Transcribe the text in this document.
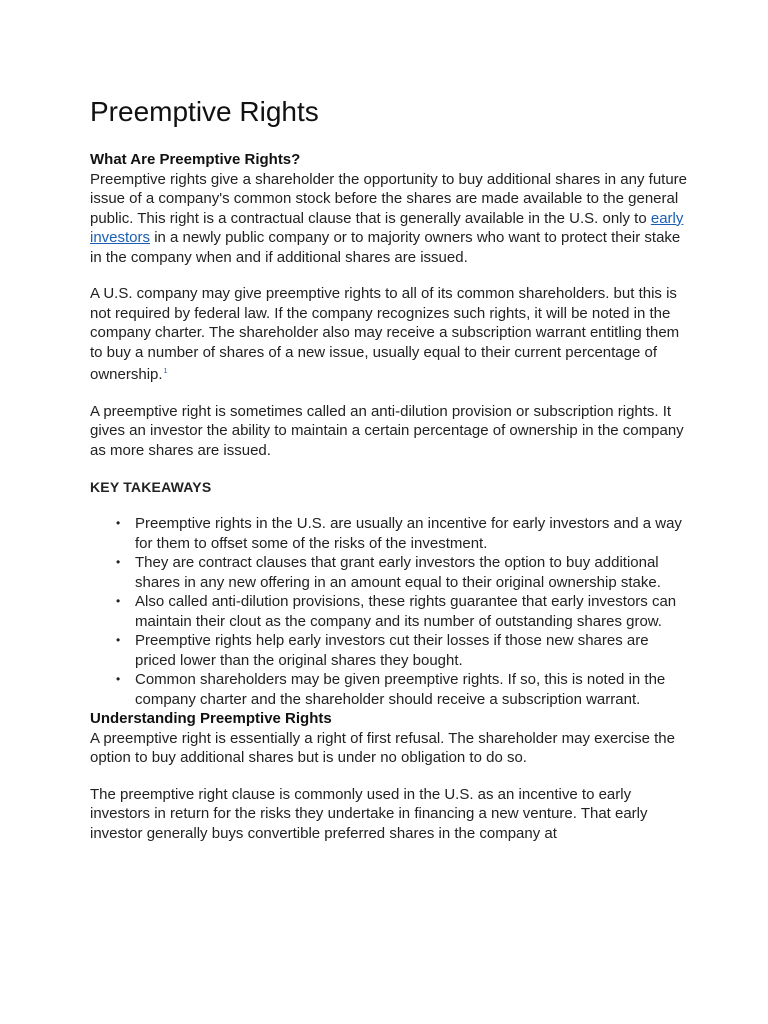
Preemptive Rights
What Are Preemptive Rights?

Preemptive rights give a shareholder the opportunity to buy additional shares in any future issue of a company's common stock before the shares are made available to the general public. This right is a contractual clause that is generally available in the U.S. only to early investors in a newly public company or to majority owners who want to protect their stake in the company when and if additional shares are issued.

A U.S. company may give preemptive rights to all of its common shareholders. but this is not required by federal law. If the company recognizes such rights, it will be noted in the company charter. The shareholder also may receive a subscription warrant entitling them to buy a number of shares of a new issue, usually equal to their current percentage of ownership.$^1$

A preemptive right is sometimes called an anti-dilution provision or subscription rights. It gives an investor the ability to maintain a certain percentage of ownership in the company as more shares are issued.

KEY TAKEAWAYS
• Preemptive rights in the U.S. are usually an incentive for early investors and a way for them to offset some of the risks of the investment.
• They are contract clauses that grant early investors the option to buy additional shares in any new offering in an amount equal to their original ownership stake.
• Also called anti-dilution provisions, these rights guarantee that early investors can maintain their clout as the company and its number of outstanding shares grow.
• Preemptive rights help early investors cut their losses if those new shares are priced lower than the original shares they bought.
• Common shareholders may be given preemptive rights. If so, this is noted in the company charter and the shareholder should receive a subscription warrant.
Understanding Preemptive Rights

A preemptive right is essentially a right of first refusal. The shareholder may exercise the option to buy additional shares but is under no obligation to do so.

The preemptive right clause is commonly used in the U.S. as an incentive to early investors in return for the risks they undertake in financing a new venture. That early investor generally buys convertible preferred shares in the company at
